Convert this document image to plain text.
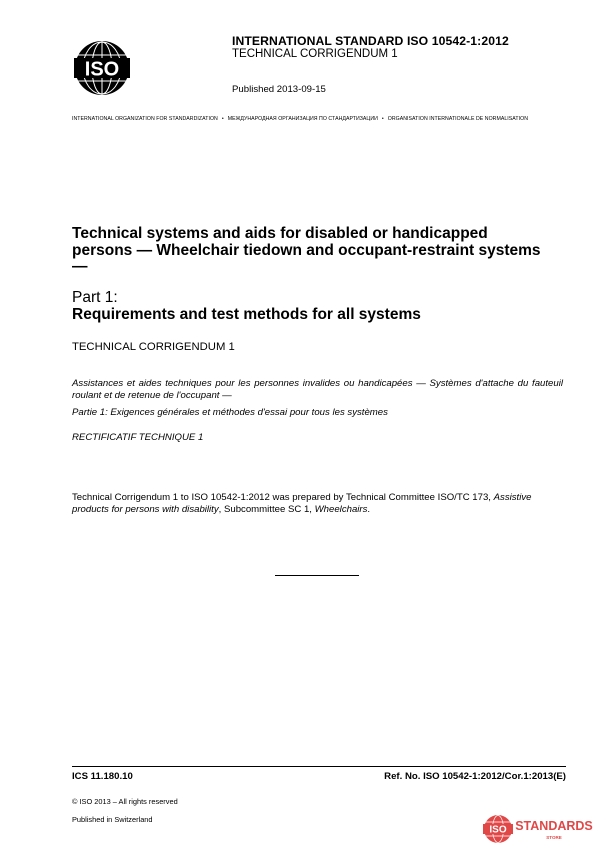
ISO
INTERNATIONAL STANDARD ISO 10542-1:2012
TECHNICAL CORRIGENDUM 1
Published 2013-09-15
INTERNATIONAL ORGANIZATION FOR STANDARDIZATION • МЕЖДУНАРОДНАЯ ОРГАНИЗАЦИЯ ПО СТАНДАРТИЗАЦИИ • ORGANISATION INTERNATIONALE DE NORMALISATION
Technical systems and aids for disabled or handicapped persons — Wheelchair tiedown and occupant-restraint systems —
Part 1:
Requirements and test methods for all systems
TECHNICAL CORRIGENDUM 1
Assistances et aides techniques pour les personnes invalides ou handicapées — Systèmes d'attache du fauteuil roulant et de retenue de l'occupant —
Partie 1: Exigences générales et méthodes d'essai pour tous les systèmes
RECTIFICATIF TECHNIQUE 1
Technical Corrigendum 1 to ISO 10542-1:2012 was prepared by Technical Committee ISO/TC 173, Assistive products for persons with disability, Subcommittee SC 1, Wheelchairs.
ICS 11.180.10	Ref. No. ISO 10542-1:2012/Cor.1:2013(E)
© ISO 2013 – All rights reserved
Published in Switzerland
ISO STANDARDS
STORE
